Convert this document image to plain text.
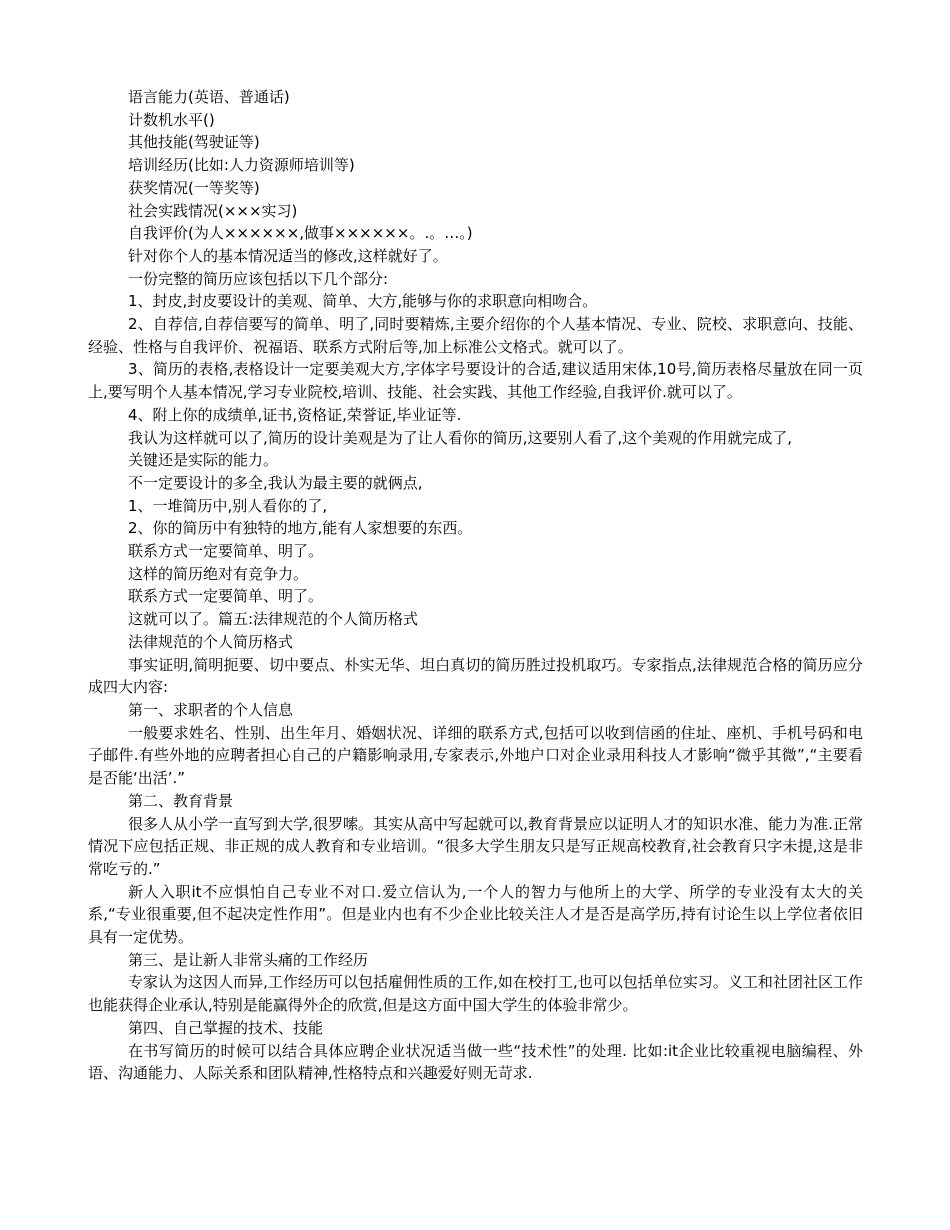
语言能力(英语、普通话)

计数机水平()

其他技能(驾驶证等)

培训经历(比如:人力资源师培训等)

获奖情况(一等奖等)

社会实践情况(×××实习)

自我评价(为人××××××,做事××××××。.。…。)

针对你个人的基本情况适当的修改,这样就好了。

一份完整的简历应该包括以下几个部分:

1、封皮,封皮要设计的美观、简单、大方,能够与你的求职意向相吻合。

2、自荐信,自荐信要写的简单、明了,同时要精炼,主要介绍你的个人基本情况、专业、院校、求职意向、技能、经验、性格与自我评价、祝福语、联系方式附后等,加上标准公文格式。就可以了。

3、简历的表格,表格设计一定要美观大方,字体字号要设计的合适,建议适用宋体,10号,简历表格尽量放在同一页上,要写明个人基本情况,学习专业院校,培训、技能、社会实践、其他工作经验,自我评价.就可以了。

4、附上你的成绩单,证书,资格证,荣誉证,毕业证等.

我认为这样就可以了,简历的设计美观是为了让人看你的简历,这要别人看了,这个美观的作用就完成了,

关键还是实际的能力。

不一定要设计的多全,我认为最主要的就俩点,

1、一堆简历中,别人看你的了,

2、你的简历中有独特的地方,能有人家想要的东西。

联系方式一定要简单、明了。

这样的简历绝对有竞争力。

联系方式一定要简单、明了。

这就可以了。篇五:法律规范的个人简历格式

法律规范的个人简历格式

事实证明,简明扼要、切中要点、朴实无华、坦白真切的简历胜过投机取巧。专家指点,法律规范合格的简历应分成四大内容:

第一、求职者的个人信息

一般要求姓名、性别、出生年月、婚姻状况、详细的联系方式,包括可以收到信函的住址、座机、手机号码和电子邮件.有些外地的应聘者担心自己的户籍影响录用,专家表示,外地户口对企业录用科技人才影响“微乎其微”,“主要看是否能‘出活’.”

第二、教育背景

很多人从小学一直写到大学,很罗嗦。其实从高中写起就可以,教育背景应以证明人才的知识水准、能力为准.正常情况下应包括正规、非正规的成人教育和专业培训。“很多大学生朋友只是写正规高校教育,社会教育只字未提,这是非常吃亏的.”

新人入职it不应惧怕自己专业不对口.爱立信认为,一个人的智力与他所上的大学、所学的专业没有太大的关系,“专业很重要,但不起决定性作用”。但是业内也有不少企业比较关注人才是否是高学历,持有讨论生以上学位者依旧具有一定优势。

第三、是让新人非常头痛的工作经历

专家认为这因人而异,工作经历可以包括雇佣性质的工作,如在校打工,也可以包括单位实习。义工和社团社区工作也能获得企业承认,特别是能赢得外企的欣赏,但是这方面中国大学生的体验非常少。

第四、自己掌握的技术、技能

在书写简历的时候可以结合具体应聘企业状况适当做一些“技术性”的处理. 比如:it企业比较重视电脑编程、外语、沟通能力、人际关系和团队精神,性格特点和兴趣爱好则无苛求.
